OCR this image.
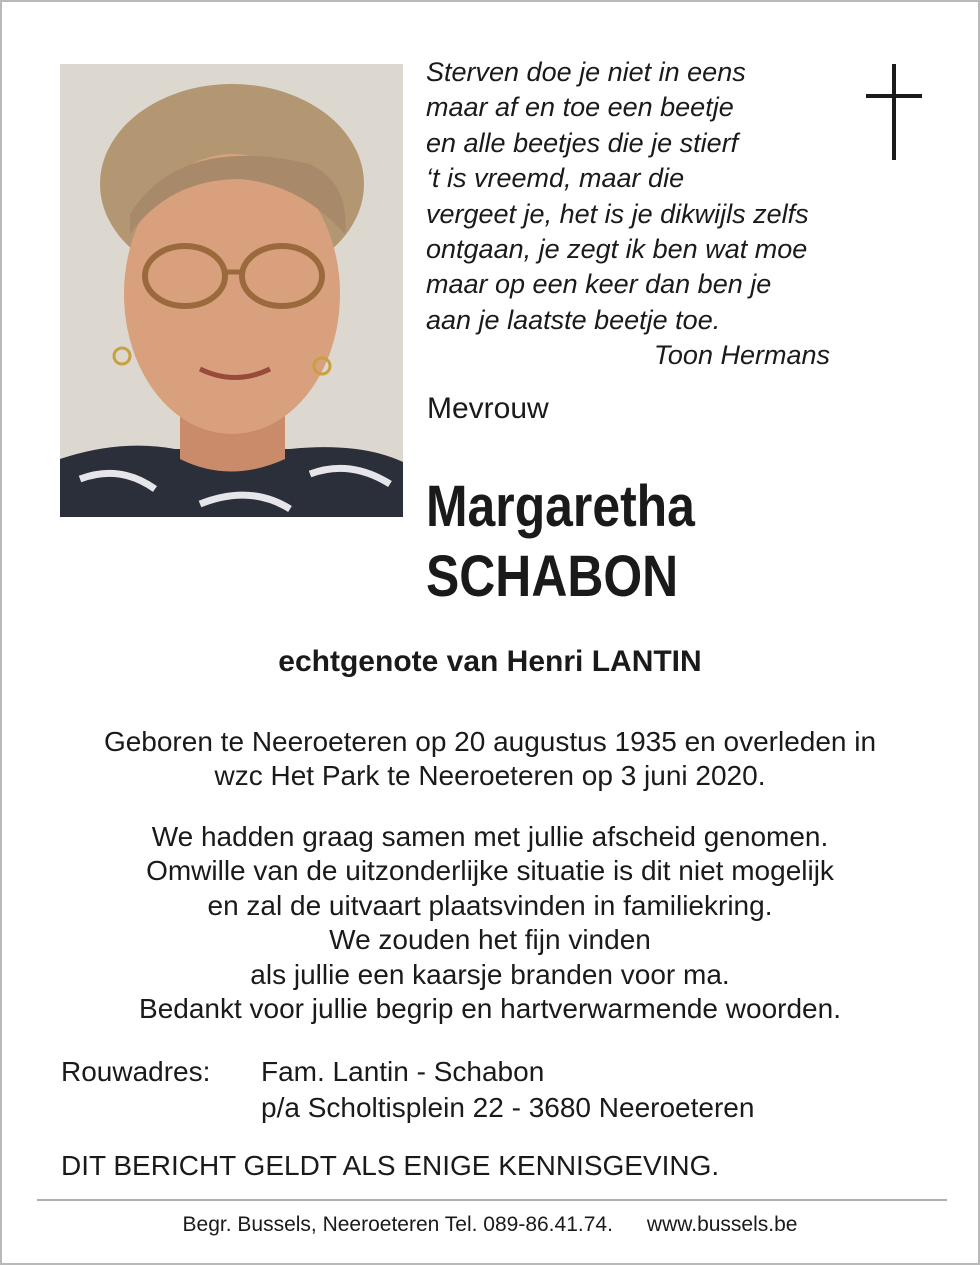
Sterven doe je niet in eens
maar af en toe een beetje
en alle beetjes die je stierf
‘t is vreemd, maar die
vergeet je, het is je dikwijls zelfs
ontgaan, je zegt ik ben wat moe
maar op een keer dan ben je
aan je laatste beetje toe.
Toon Hermans
Mevrouw
Margaretha
SCHABON
echtgenote van Henri LANTIN
Geboren te Neeroeteren op 20 augustus 1935 en overleden in
wzc Het Park te Neeroeteren op 3 juni 2020.
We hadden graag samen met jullie afscheid genomen.
Omwille van de uitzonderlijke situatie is dit niet mogelijk
en zal de uitvaart plaatsvinden in familiekring.
We zouden het fijn vinden
als jullie een kaarsje branden voor ma.
Bedankt voor jullie begrip en hartverwarmende woorden.
Rouwadres: Fam. Lantin - Schabon
p/a Scholtisplein 22 - 3680 Neeroeteren
DIT BERICHT GELDT ALS ENIGE KENNISGEVING.
Begr. Bussels, Neeroeteren Tel. 089-86.41.74. www.bussels.be
